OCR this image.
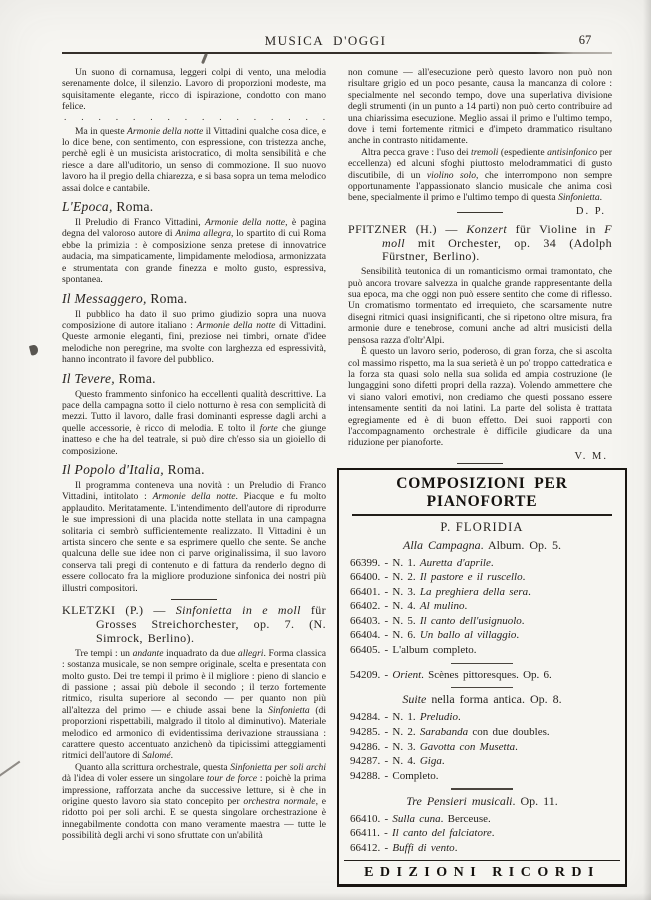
MUSICA D'OGGI	67

Un suono di cornamusa, leggeri colpi di vento, una melodia serenamente dolce, il silenzio. Lavoro di proporzioni modeste, ma squisitamente elegante, ricco di ispirazione, condotto con mano felice.

. . . . . . . . . . . . . . . .

Ma in queste Armonie della notte il Vittadini qualche cosa dice, e lo dice bene, con sentimento, con espressione, con tristezza anche, perchè egli è un musicista aristocratico, di molta sensibilità e che riesce a dare all'uditorio, un senso di commozione. Il suo nuovo lavoro ha il pregio della chiarezza, e si basa sopra un tema melodico assai dolce e cantabile.

L'Epoca, Roma.

Il Preludio di Franco Vittadini, Armonie della notte, è pagina degna del valoroso autore di Anima allegra, lo spartito di cui Roma ebbe la primizia : è composizione senza pretese di innovatrice audacia, ma simpaticamente, limpidamente melodiosa, armonizzata e strumentata con grande finezza e molto gusto, espressiva, spontanea.

Il Messaggero, Roma.

Il pubblico ha dato il suo primo giudizio sopra una nuova composizione di autore italiano : Armonie della notte di Vittadini. Queste armonie eleganti, fini, preziose nei timbri, ornate d'idee melodiche non peregrine, ma svolte con larghezza ed espressività, hanno incontrato il favore del pubblico.

Il Tevere, Roma.

Questo frammento sinfonico ha eccellenti qualità descrittive. La pace della campagna sotto il cielo notturno è resa con semplicità di mezzi. Tutto il lavoro, dalle frasi dominanti espresse dagli archi a quelle accessorie, è ricco di melodia. E tolto il forte che giunge inatteso e che ha del teatrale, si può dire ch'esso sia un gioiello di composizione.

Il Popolo d'Italia, Roma.

Il programma conteneva una novità : un Preludio di Franco Vittadini, intitolato : Armonie della notte. Piacque e fu molto applaudito. Meritatamente. L'intendimento dell'autore di riprodurre le sue impressioni di una placida notte stellata in una campagna solitaria ci sembrò sufficientemente realizzato. Il Vittadini è un artista sincero che sente e sa esprimere quello che sente. Se anche qualcuna delle sue idee non ci parve originalissima, il suo lavoro conserva tali pregi di contenuto e di fattura da renderlo degno di essere collocato fra la migliore produzione sinfonica dei nostri più illustri compositori.

KLETZKI (P.) — Sinfonietta in e moll für Grosses Streichorchester, op. 7. (N. Simrock, Berlino).

Tre tempi : un andante inquadrato da due allegri. Forma classica : sostanza musicale, se non sempre originale, scelta e presentata con molto gusto. Dei tre tempi il primo è il migliore : pieno di slancio e di passione ; assai più debole il secondo ; il terzo fortemente ritmico, risulta superiore al secondo — per quanto non più all'altezza del primo — e chiude assai bene la Sinfonietta (di proporzioni rispettabili, malgrado il titolo al diminutivo). Materiale melodico ed armonico di evidentissima derivazione straussiana : carattere questo accentuato anzichenò da tipicissimi atteggiamenti ritmici dell'autore di Salomé.

Quanto alla scrittura orchestrale, questa Sinfonietta per soli archi dà l'idea di voler essere un singolare tour de force : poichè la prima impressione, rafforzata anche da successive letture, si è che in origine questo lavoro sia stato concepito per orchestra normale, e ridotto poi per soli archi. E se questa singolare orchestrazione è innegabilmente condotta con mano veramente maestra — tutte le possibilità degli archi vi sono sfruttate con un'abilità

non comune — all'esecuzione però questo lavoro non può non risultare grigio ed un poco pesante, causa la mancanza di colore : specialmente nel secondo tempo, dove una superlativa divisione degli strumenti (in un punto a 14 parti) non può certo contribuire ad una chiarissima esecuzione. Meglio assai il primo e l'ultimo tempo, dove i temi fortemente ritmici e d'impeto drammatico risultano anche in contrasto nitidamente.

Altra pecca grave : l'uso dei tremoli (espediente antisinfonico per eccellenza) ed alcuni sfoghi piuttosto melodrammatici di gusto discutibile, di un violino solo, che interrompono non sempre opportunamente l'appassionato slancio musicale che anima così bene, specialmente il primo e l'ultimo tempo di questa Sinfonietta.

D. P.
PFITZNER (H.) — Konzert für Violine in F moll mit Orchester, op. 34 (Adolph Fürstner, Berlino).

Sensibilità teutonica di un romanticismo ormai tramontato, che può ancora trovare salvezza in qualche grande rappresentante della sua epoca, ma che oggi non può essere sentito che come di riflesso. Un cromatismo tormentato ed irrequieto, che scarsamente nutre disegni ritmici quasi insignificanti, che si ripetono oltre misura, fra armonie dure e tenebrose, comuni anche ad altri musicisti della pensosa razza d'oltr'Alpi.

È questo un lavoro serio, poderoso, di gran forza, che si ascolta col massimo rispetto, ma la sua serietà è un po' troppo cattedratica e la forza sta quasi solo nella sua solida ed ampia costruzione (le lungaggini sono difetti propri della razza). Volendo ammettere che vi siano valori emotivi, non crediamo che questi possano essere intensamente sentiti da noi latini. La parte del solista è trattata egregiamente ed è di buon effetto. Dei suoi rapporti con l'accompagnamento orchestrale è difficile giudicare da una riduzione per pianoforte.

V. M.
COMPOSIZIONI PER PIANOFORTE
P. FLORIDIA
Alla Campagna. Album. Op. 5.
66399. - N. 1. Auretta d'aprile.
66400. - N. 2. Il pastore e il ruscello.
66401. - N. 3. La preghiera della sera.
66402. - N. 4. Al mulino.
66403. - N. 5. Il canto dell'usignuolo.
66404. - N. 6. Un ballo al villaggio.
66405. - L'album completo.
54209. - Orient. Scènes pittoresques. Op. 6.
Suite nella forma antica. Op. 8.
94284. - N. 1. Preludio.
94285. - N. 2. Sarabanda con due doubles.
94286. - N. 3. Gavotta con Musetta.
94287. - N. 4. Giga.
94288. - Completo.
Tre Pensieri musicali. Op. 11.
66410. - Sulla cuna. Berceuse.
66411. - Il canto del falciatore.
66412. - Buffi di vento.
EDIZIONI RICORDI
